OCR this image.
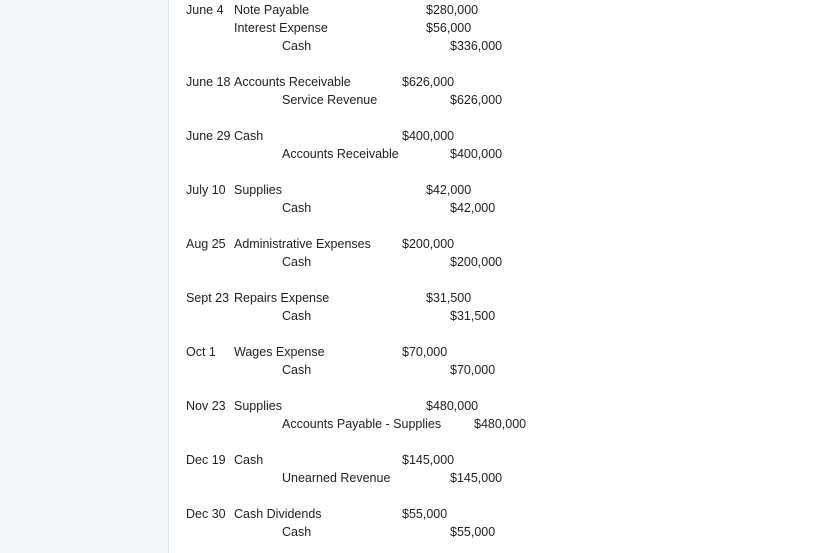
June 4 Note Payable	$280,000
Interest Expense	$56,000
Cash	$336,000
June 18 Accounts Receivable	$626,000
Service Revenue	$626,000
June 29 Cash	$400,000
Accounts Receivable	$400,000
July 10 Supplies	$42,000
Cash	$42,000
Aug 25 Administrative Expenses $200,000
Cash	$200,000
Sept 23 Repairs Expense	$31,500
Cash	$31,500
Oct 1 Wages Expense	$70,000
Cash	$70,000
Nov 23 Supplies	$480,000
Accounts Payable - Supplies	$480,000
Dec 19 Cash	$145,000
Unearned Revenue	$145,000
Dec 30 Cash Dividends	$55,000
Cash	$55,000
